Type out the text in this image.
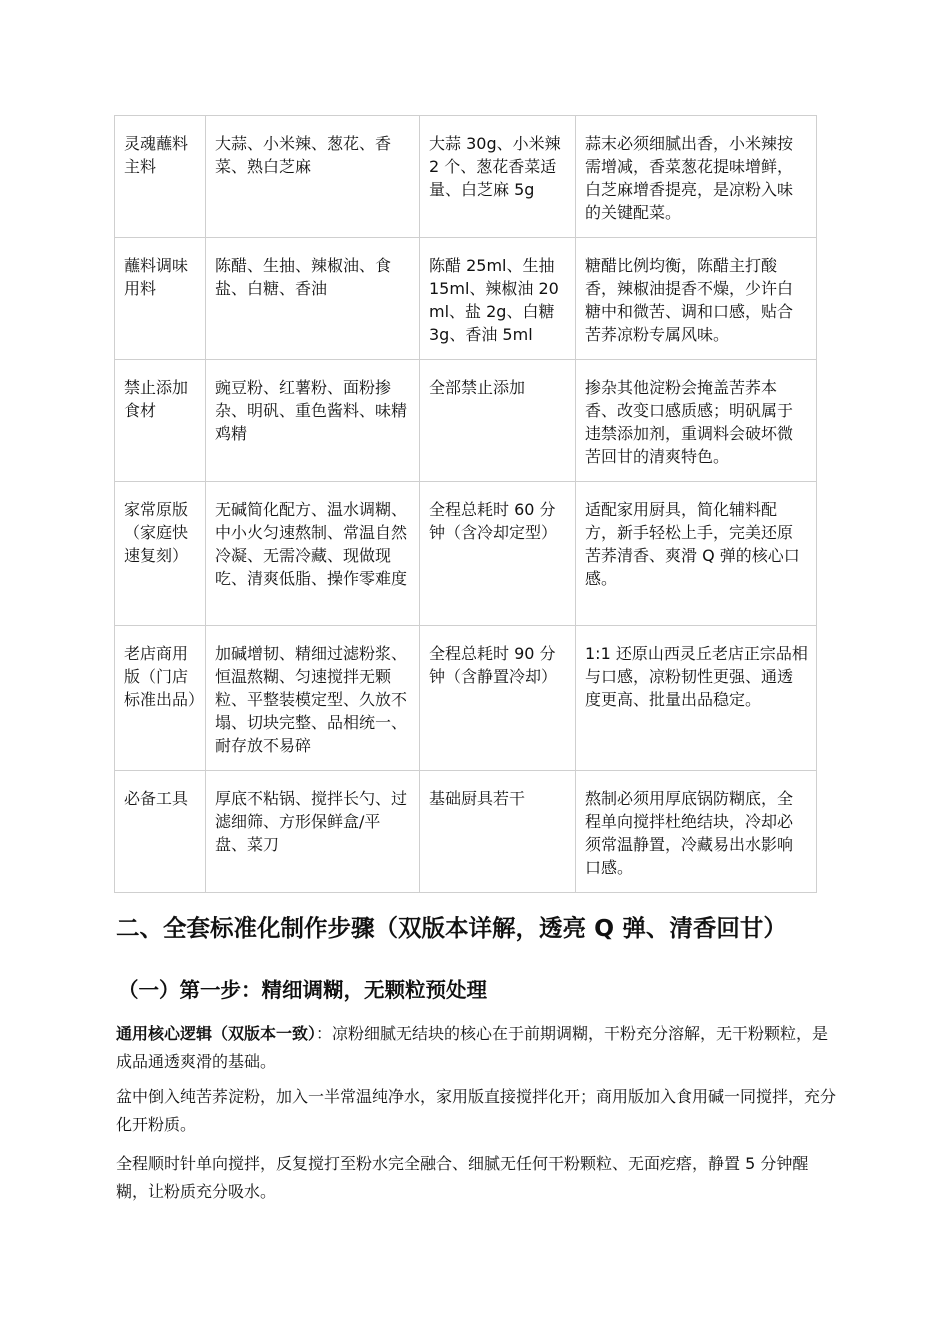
灵魂蘸料主料	大蒜、小米辣、葱花、香菜、熟白芝麻	大蒜 30g、小米辣 2 个、葱花香菜适量、白芝麻 5g	蒜末必须细腻出香，小米辣按需增减，香菜葱花提味增鲜，白芝麻增香提亮，是凉粉入味的关键配菜。
蘸料调味用料	陈醋、生抽、辣椒油、食盐、白糖、香油	陈醋 25ml、生抽 15ml、辣椒油 20ml、盐 2g、白糖 3g、香油 5ml	糖醋比例均衡，陈醋主打酸香，辣椒油提香不燥，少许白糖中和微苦、调和口感，贴合苦荞凉粉专属风味。
禁止添加食材	豌豆粉、红薯粉、面粉掺杂、明矾、重色酱料、味精鸡精	全部禁止添加	掺杂其他淀粉会掩盖苦荞本香、改变口感质感；明矾属于违禁添加剂，重调料会破坏微苦回甘的清爽特色。
家常原版（家庭快速复刻）	无碱简化配方、温水调糊、中小火匀速熬制、常温自然冷凝、无需冷藏、现做现吃、清爽低脂、操作零难度	全程总耗时 60 分钟（含冷却定型）	适配家用厨具，简化辅料配方，新手轻松上手，完美还原苦荞清香、爽滑 Q 弹的核心口感。
老店商用版（门店标准出品）	加碱增韧、精细过滤粉浆、恒温熬糊、匀速搅拌无颗粒、平整装模定型、久放不塌、切块完整、品相统一、耐存放不易碎	全程总耗时 90 分钟（含静置冷却）	1:1 还原山西灵丘老店正宗品相与口感，凉粉韧性更强、通透度更高、批量出品稳定。
必备工具	厚底不粘锅、搅拌长勺、过滤细筛、方形保鲜盒/平盘、菜刀	基础厨具若干	熬制必须用厚底锅防糊底，全程单向搅拌杜绝结块，冷却必须常温静置，冷藏易出水影响口感。
二、全套标准化制作步骤（双版本详解，透亮 Q 弹、清香回甘）
（一）第一步：精细调糊，无颗粒预处理

通用核心逻辑（双版本一致）：凉粉细腻无结块的核心在于前期调糊，干粉充分溶解，无干粉颗粒，是成品通透爽滑的基础。

盆中倒入纯苦荞淀粉，加入一半常温纯净水，家用版直接搅拌化开；商用版加入食用碱一同搅拌，充分化开粉质。

全程顺时针单向搅拌，反复搅打至粉水完全融合、细腻无任何干粉颗粒、无面疙瘩，静置 5 分钟醒糊，让粉质充分吸水。
